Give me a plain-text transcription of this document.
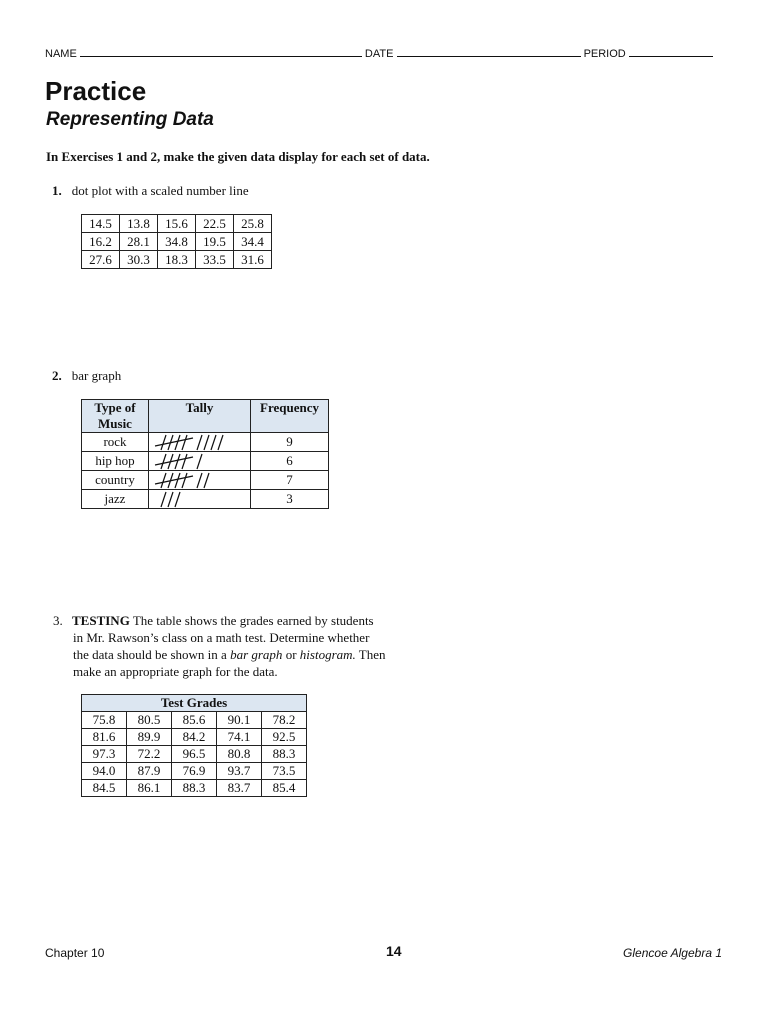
NAME	DATE	PERIOD
Practice
Representing Data
In Exercises 1 and 2, make the given data display for each set of data.
1. dot plot with a scaled number line
14.5	13.8	15.6	22.5	25.8
16.2	28.1	34.8	19.5	34.4
27.6	30.3	18.3	33.5	31.6
2. bar graph
Type of Music	Tally	Frequency
rock		9
hip hop		6
country		7
jazz		3
3. TESTING The table shows the grades earned by students
in Mr. Rawson’s class on a math test. Determine whether
the data should be shown in a bar graph or histogram. Then
make an appropriate graph for the data.
Test Grades				
75.8	80.5	85.6	90.1	78.2
81.6	89.9	84.2	74.1	92.5
97.3	72.2	96.5	80.8	88.3
94.0	87.9	76.9	93.7	73.5
84.5	86.1	88.3	83.7	85.4
Chapter 10	14	Glencoe Algebra 1
